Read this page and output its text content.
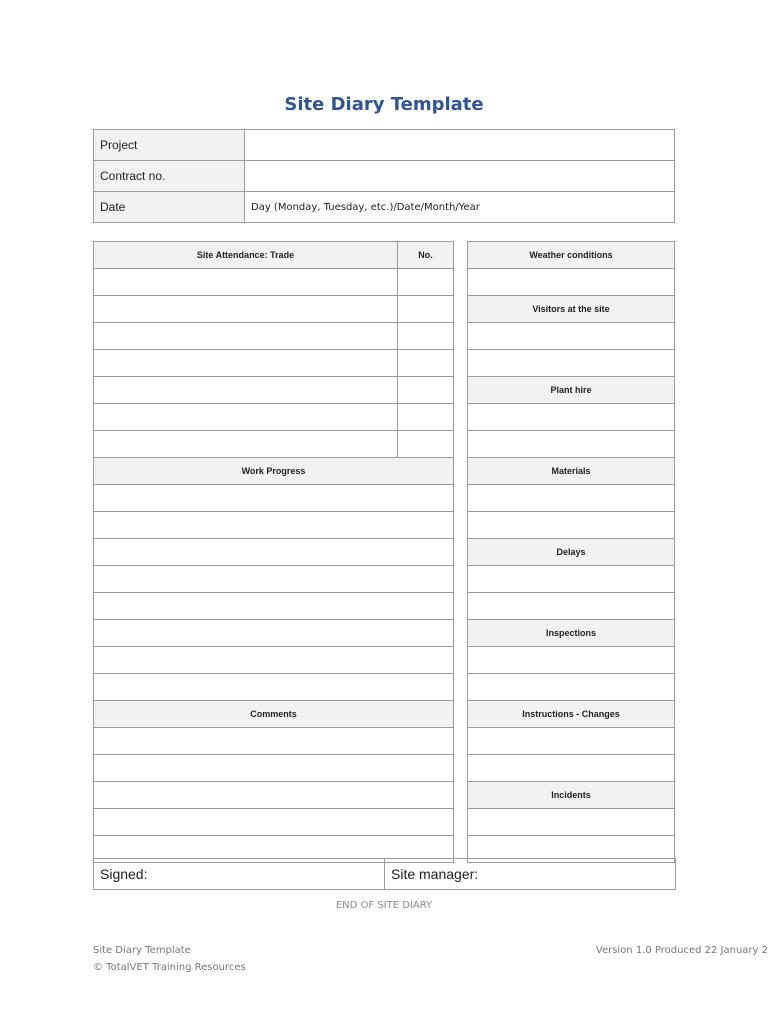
Site Diary Template
Project	
Contract no.	
Date	Day (Monday, Tuesday, etc.)/Date/Month/Year
Site Attendance: Trade	No.

Work Progress	

Comments	

Weather conditions

Visitors at the site

Plant hire

Materials

Delays

Inspections

Instructions - Changes

Incidents

Signed:	Site manager:
END OF SITE DIARY
Site Diary Template
© TotalVET Training Resources
Version 1.0 Produced 22 January 2
